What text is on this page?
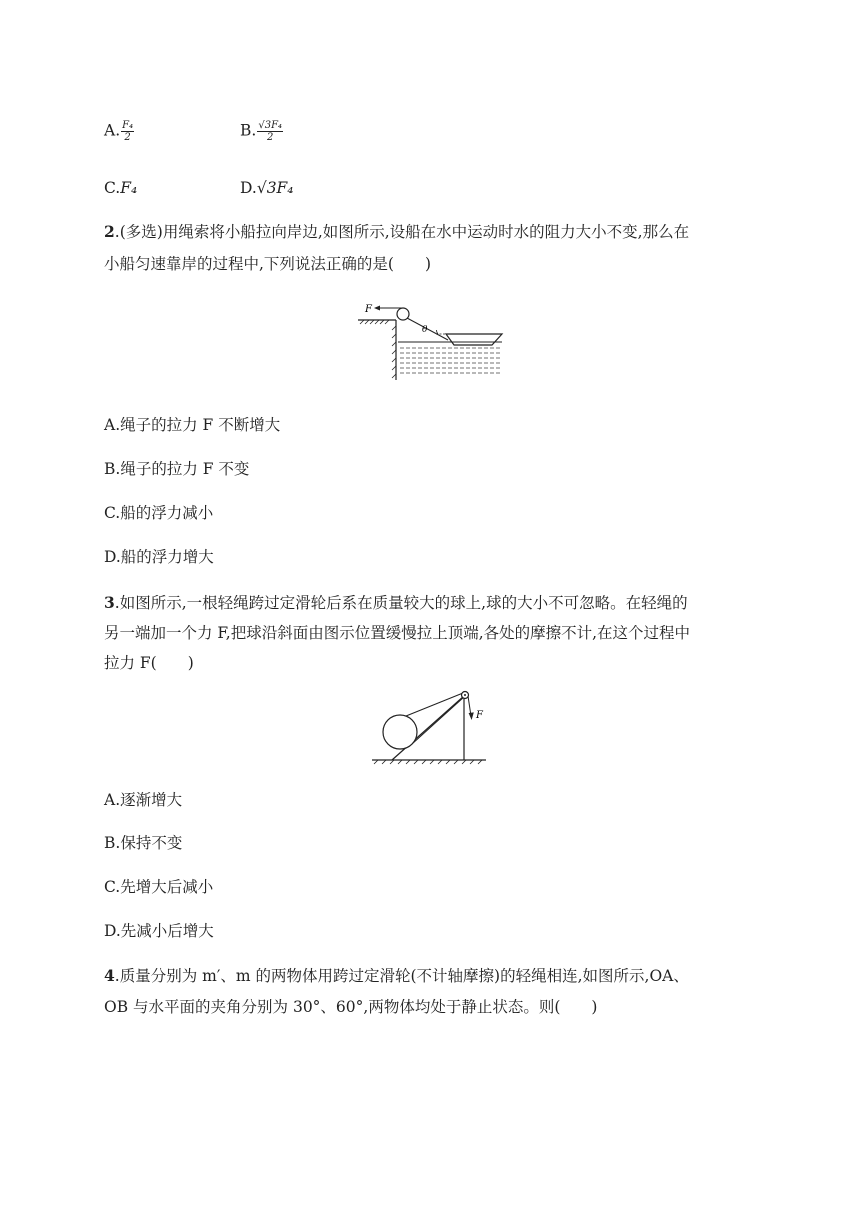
A. $\frac{\text{F₄}}{2}$	B. $\frac{\text{√3F₄}}{2}$
C.F₄	D.√3F₄
2.(多选)用绳索将小船拉向岸边,如图所示,设船在水中运动时水的阻力大小不变,那么在
小船匀速靠岸的过程中,下列说法正确的是(　　)
F
θ
A.绳子的拉力 F 不断增大
B.绳子的拉力 F 不变
C.船的浮力减小
D.船的浮力增大
3.如图所示,一根轻绳跨过定滑轮后系在质量较大的球上,球的大小不可忽略。在轻绳的
另一端加一个力 F,把球沿斜面由图示位置缓慢拉上顶端,各处的摩擦不计,在这个过程中
拉力 F(　　)
F
A.逐渐增大
B.保持不变
C.先增大后减小
D.先减小后增大
4.质量分别为 m′、m 的两物体用跨过定滑轮(不计轴摩擦)的轻绳相连,如图所示,OA、
OB 与水平面的夹角分别为 30°、60°,两物体均处于静止状态。则(　　)
